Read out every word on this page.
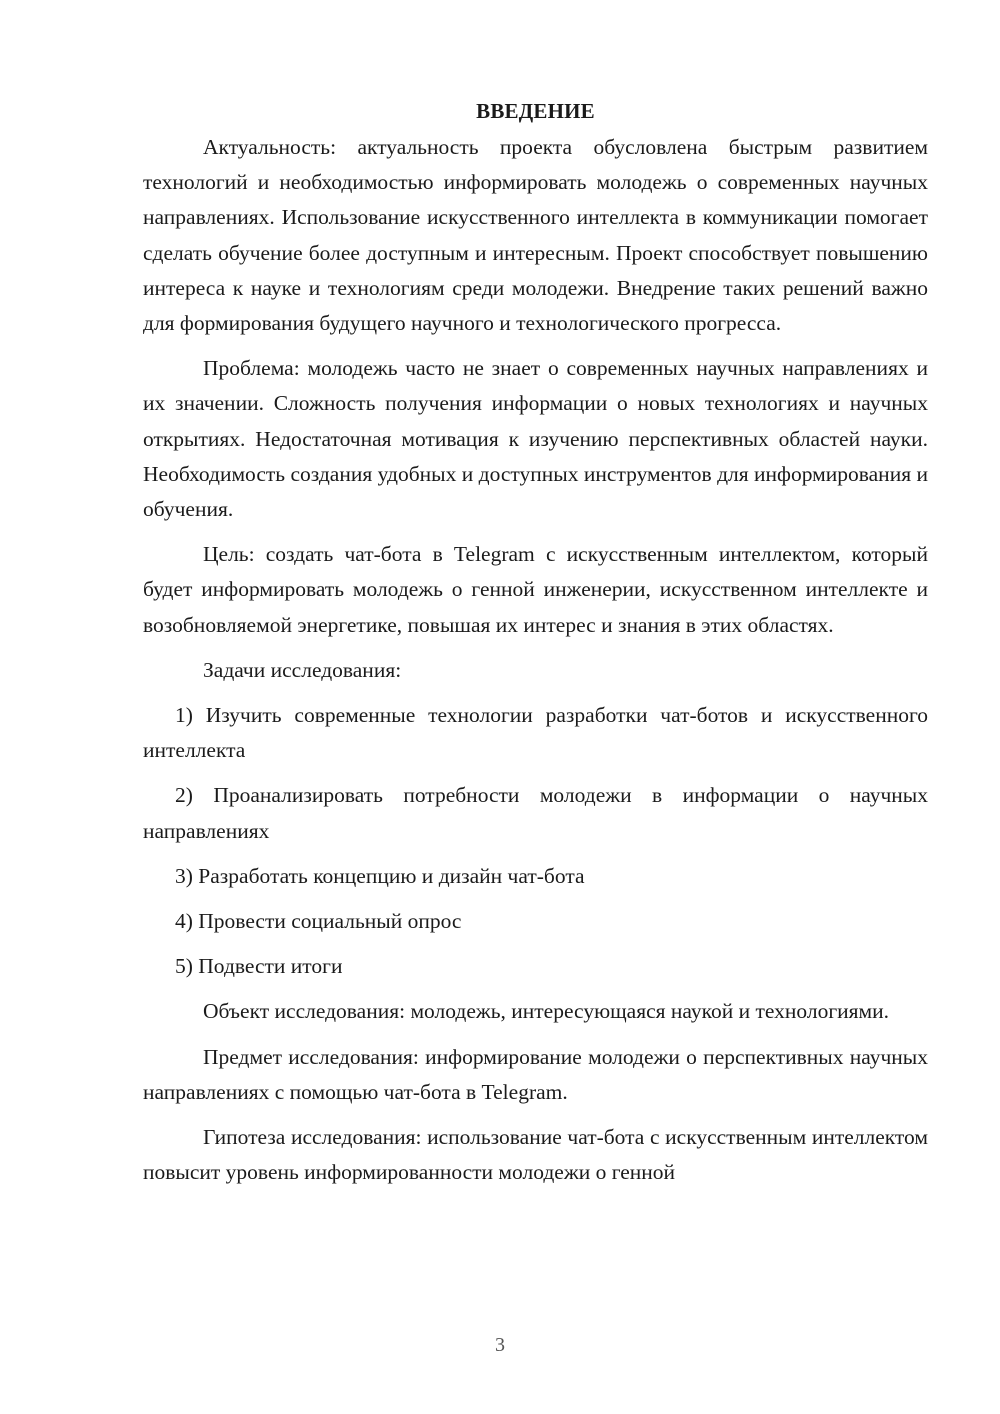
ВВЕДЕНИЕ

Актуальность: актуальность проекта обусловлена быстрым развитием технологий и необходимостью информировать молодежь о современных научных направлениях. Использование искусственного интеллекта в коммуникации помогает сделать обучение более доступным и интересным. Проект способствует повышению интереса к науке и технологиям среди молодежи. Внедрение таких решений важно для формирования будущего научного и технологического прогресса.

Проблема: молодежь часто не знает о современных научных направлениях и их значении. Сложность получения информации о новых технологиях и научных открытиях. Недостаточная мотивация к изучению перспективных областей науки. Необходимость создания удобных и доступных инструментов для информирования и обучения.

Цель: создать чат-бота в Telegram с искусственным интеллектом, который будет информировать молодежь о генной инженерии, искусственном интеллекте и возобновляемой энергетике, повышая их интерес и знания в этих областях.

Задачи исследования:

1) Изучить современные технологии разработки чат-ботов и искусственного интеллекта

2) Проанализировать потребности молодежи в информации о научных направлениях

3) Разработать концепцию и дизайн чат-бота

4) Провести социальный опрос

5) Подвести итоги

Объект исследования: молодежь, интересующаяся наукой и технологиями.

Предмет исследования: информирование молодежи о перспективных научных направлениях с помощью чат-бота в Telegram.

Гипотеза исследования: использование чат-бота с искусственным интеллектом повысит уровень информированности молодежи о генной

3
